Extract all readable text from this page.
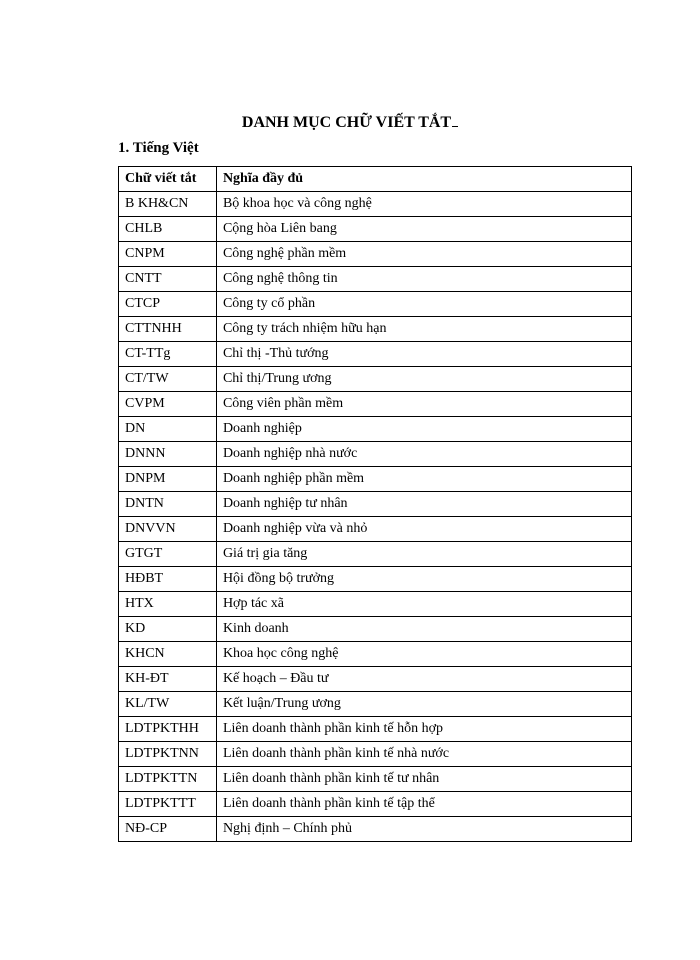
DANH MỤC CHỮ VIẾT TẮT
1. Tiếng Việt
Chữ viết tắt	Nghĩa đầy đủ
B KH&CN	Bộ khoa học và công nghệ
CHLB	Cộng hòa Liên bang
CNPM	Công nghệ phần mềm
CNTT	Công nghệ thông tin
CTCP	Công ty cổ phần
CTTNHH	Công ty trách nhiệm hữu hạn
CT-TTg	Chỉ thị -Thủ tướng
CT/TW	Chỉ thị/Trung ương
CVPM	Công viên phần mềm
DN	Doanh nghiệp
DNNN	Doanh nghiệp nhà nước
DNPM	Doanh nghiệp phần mềm
DNTN	Doanh nghiệp tư nhân
DNVVN	Doanh nghiệp vừa và nhỏ
GTGT	Giá trị gia tăng
HĐBT	Hội đồng bộ trưởng
HTX	Hợp tác xã
KD	Kinh doanh
KHCN	Khoa học công nghệ
KH-ĐT	Kế hoạch – Đầu tư
KL/TW	Kết luận/Trung ương
LDTPKTHH	Liên doanh thành phần kinh tế hỗn hợp
LDTPKTNN	Liên doanh thành phần kinh tế nhà nước
LDTPKTTN	Liên doanh thành phần kinh tế tư nhân
LDTPKTTT	Liên doanh thành phần kinh tế tập thể
NĐ-CP	Nghị định – Chính phủ
